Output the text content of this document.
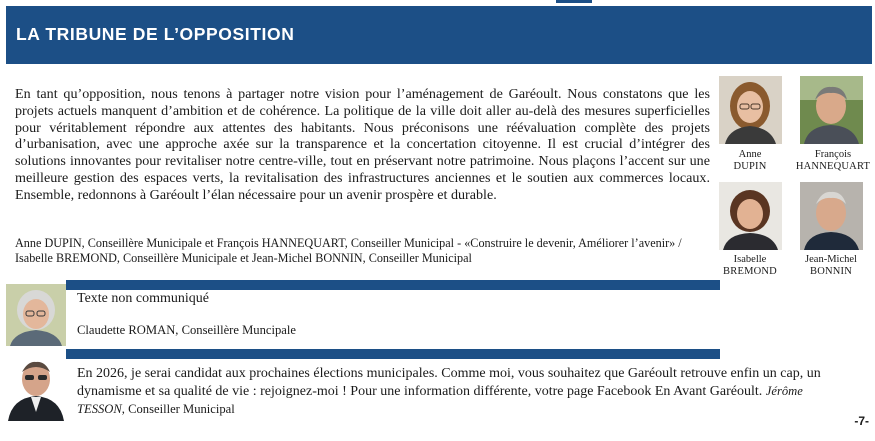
LA TRIBUNE DE L’OPPOSITION
En tant qu’opposition, nous tenons à partager notre vision pour l’aménagement de Garéoult. Nous constatons que les projets actuels manquent d’ambition et de cohérence. La politique de la ville doit aller au-delà des mesures superficielles pour véritablement répondre aux attentes des habitants. Nous préconisons une réévaluation complète des projets d’urbanisation, avec une approche axée sur la transparence et la concertation citoyenne. Il est crucial d’intégrer des solutions innovantes pour revitaliser notre centre-ville, tout en préservant notre patrimoine. Nous plaçons l’accent sur une meilleure gestion des espaces verts, la revitalisation des infrastructures anciennes et le soutien aux commerces locaux. Ensemble, redonnons à Garéoult l’élan nécessaire pour un avenir prospère et durable.
Anne DUPIN, Conseillère Municipale et François HANNEQUART, Conseiller Municipal - «Construire le devenir, Améliorer l’avenir» / Isabelle BREMOND, Conseillère Municipale et Jean-Michel BONNIN, Conseiller Municipal
Anne
DUPIN
François
HANNEQUART
Isabelle
BREMOND
Jean-Michel
BONNIN
Texte non communiqué
Claudette ROMAN, Conseillère Muncipale
En 2026, je serai candidat aux prochaines élections municipales. Comme moi, vous souhaitez que Garéoult retrouve enfin un cap, un dynamisme et sa qualité de vie : rejoignez-moi ! Pour une information différente, votre page Facebook En Avant Garéoult. Jérôme TESSON, Conseiller Municipal
-7-
